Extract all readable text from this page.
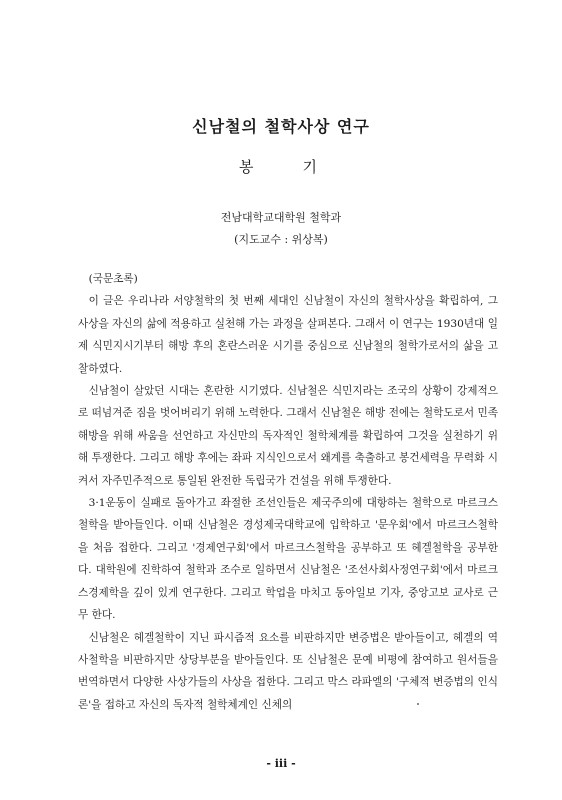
신남철의 철학사상 연구
봉    기
전남대학교대학원 철학과
(지도교수 : 위상복)

(국문초록)

이 글은 우리나라 서양철학의 첫 번째 세대인 신남철이 자신의 철학사상을 확립하여, 그 사상을 자신의 삶에 적용하고 실천해 가는 과정을 살펴본다. 그래서 이 연구는 1930년대 일제 식민지시기부터 해방 후의 혼란스러운 시기를 중심으로 신남철의 철학가로서의 삶을 고찰하였다.

신남철이 살았던 시대는 혼란한 시기였다. 신남철은 식민지라는 조국의 상황이 강제적으로 떠넘겨준 짐을 벗어버리기 위해 노력한다. 그래서 신남철은 해방 전에는 철학도로서 민족해방을 위해 싸움을 선언하고 자신만의 독자적인 철학체계를 확립하여 그것을 실천하기 위해 투쟁한다. 그리고 해방 후에는 좌파 지식인으로서 왜계를 축출하고 봉건세력을 무력화 시켜서 자주민주적으로 통일된 완전한 독립국가 건설을 위해 투쟁한다.

3·1운동이 실패로 돌아가고 좌절한 조선인들은 제국주의에 대항하는 철학으로 마르크스철학을 받아들인다. 이때 신남철은 경성제국대학교에 입학하고 '문우회'에서 마르크스철학을 처음 접한다. 그리고 '경제연구회'에서 마르크스철학을 공부하고 또 헤겔철학을 공부한다. 대학원에 진학하여 철학과 조수로 일하면서 신남철은 '조선사회사정연구회'에서 마르크스경제학을 깊이 있게 연구한다. 그리고 학업을 마치고 동아일보 기자, 중앙고보 교사로 근무 한다.

신남철은 헤겔철학이 지닌 파시즘적 요소를 비판하지만 변증법은 받아들이고, 헤겔의 역사철학을 비판하지만 상당부분을 받아들인다. 또 신남철은 문예 비평에 참여하고 원서들을 번역하면서 다양한 사상가들의 사상을 접한다. 그리고 막스 라파엘의 '구체적 변증법의 인식론'을 접하고 자신의 독자적 철학체계인 신체의

- iii -
